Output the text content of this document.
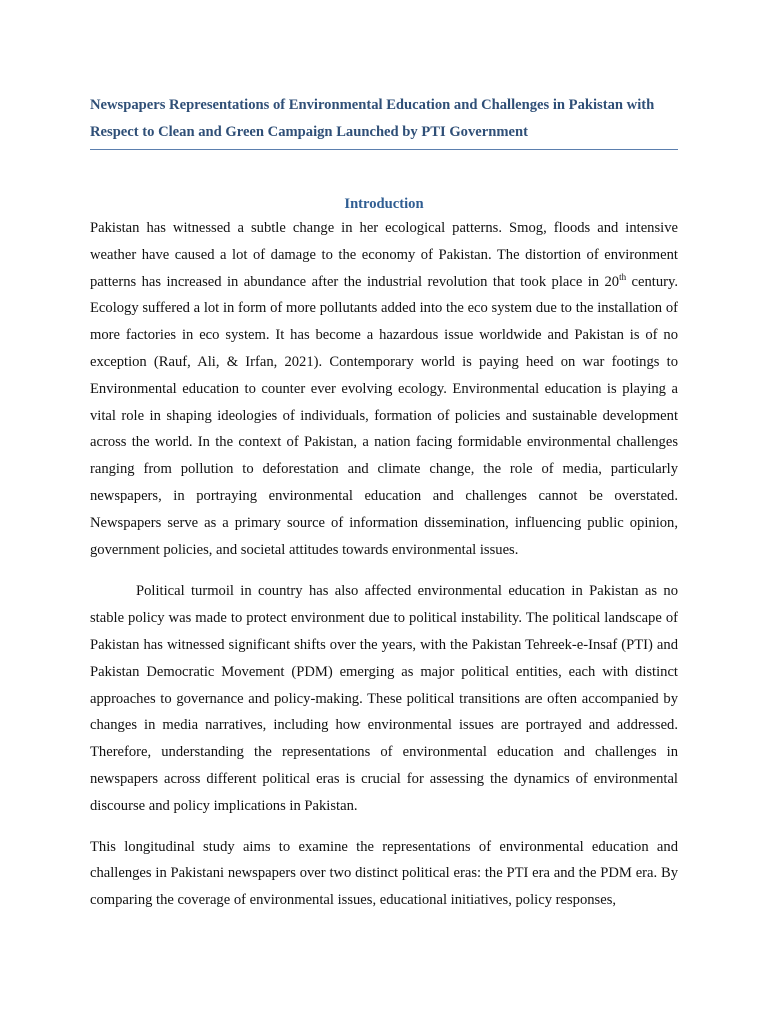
Newspapers Representations of Environmental Education and Challenges in Pakistan with Respect to Clean and Green Campaign Launched by PTI Government
Introduction

Pakistan has witnessed a subtle change in her ecological patterns. Smog, floods and intensive weather have caused a lot of damage to the economy of Pakistan. The distortion of environment patterns has increased in abundance after the industrial revolution that took place in 20th century. Ecology suffered a lot in form of more pollutants added into the eco system due to the installation of more factories in eco system. It has become a hazardous issue worldwide and Pakistan is of no exception (Rauf, Ali, & Irfan, 2021). Contemporary world is paying heed on war footings to Environmental education to counter ever evolving ecology. Environmental education is playing a vital role in shaping ideologies of individuals, formation of policies and sustainable development across the world. In the context of Pakistan, a nation facing formidable environmental challenges ranging from pollution to deforestation and climate change, the role of media, particularly newspapers, in portraying environmental education and challenges cannot be overstated. Newspapers serve as a primary source of information dissemination, influencing public opinion, government policies, and societal attitudes towards environmental issues.

Political turmoil in country has also affected environmental education in Pakistan as no stable policy was made to protect environment due to political instability. The political landscape of Pakistan has witnessed significant shifts over the years, with the Pakistan Tehreek-e-Insaf (PTI) and Pakistan Democratic Movement (PDM) emerging as major political entities, each with distinct approaches to governance and policy-making. These political transitions are often accompanied by changes in media narratives, including how environmental issues are portrayed and addressed. Therefore, understanding the representations of environmental education and challenges in newspapers across different political eras is crucial for assessing the dynamics of environmental discourse and policy implications in Pakistan.

This longitudinal study aims to examine the representations of environmental education and challenges in Pakistani newspapers over two distinct political eras: the PTI era and the PDM era. By comparing the coverage of environmental issues, educational initiatives, policy responses,
